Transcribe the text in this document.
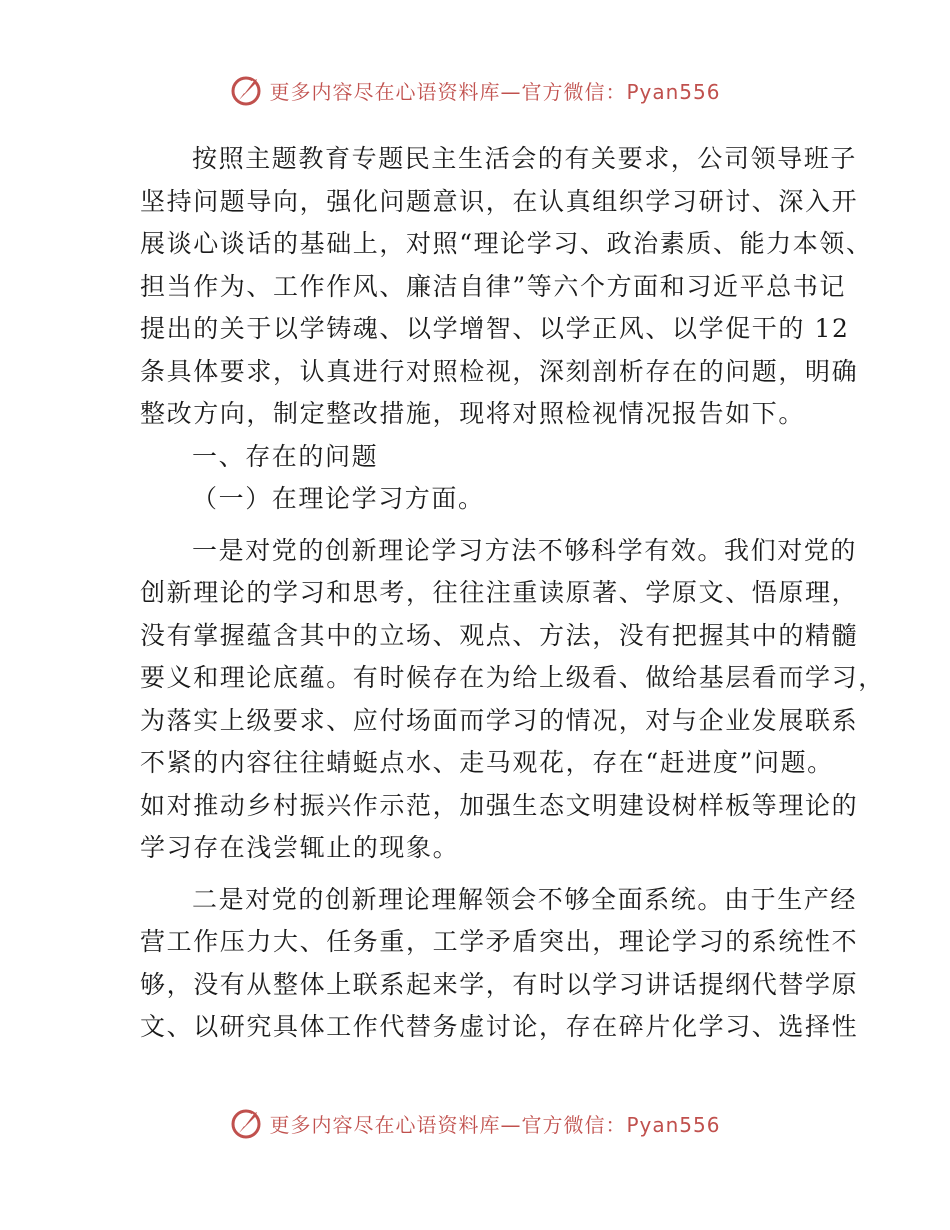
更多内容尽在心语资料库—官方微信：Pyan556

按照主题教育专题民主生活会的有关要求，公司领导班子
坚持问题导向，强化问题意识，在认真组织学习研讨、深入开
展谈心谈话的基础上，对照“理论学习、政治素质、能力本领、
担当作为、工作作风、廉洁自律”等六个方面和习近平总书记
提出的关于以学铸魂、以学增智、以学正风、以学促干的 12
条具体要求，认真进行对照检视，深刻剖析存在的问题，明确
整改方向，制定整改措施，现将对照检视情况报告如下。

一、存在的问题

（一）在理论学习方面。

一是对党的创新理论学习方法不够科学有效。我们对党的
创新理论的学习和思考，往往注重读原著、学原文、悟原理，
没有掌握蕴含其中的立场、观点、方法，没有把握其中的精髓
要义和理论底蕴。有时候存在为给上级看、做给基层看而学习，
为落实上级要求、应付场面而学习的情况，对与企业发展联系
不紧的内容往往蜻蜓点水、走马观花，存在“赶进度”问题。
如对推动乡村振兴作示范，加强生态文明建设树样板等理论的
学习存在浅尝辄止的现象。

二是对党的创新理论理解领会不够全面系统。由于生产经
营工作压力大、任务重，工学矛盾突出，理论学习的系统性不
够，没有从整体上联系起来学，有时以学习讲话提纲代替学原
文、以研究具体工作代替务虚讨论，存在碎片化学习、选择性

更多内容尽在心语资料库—官方微信：Pyan556
